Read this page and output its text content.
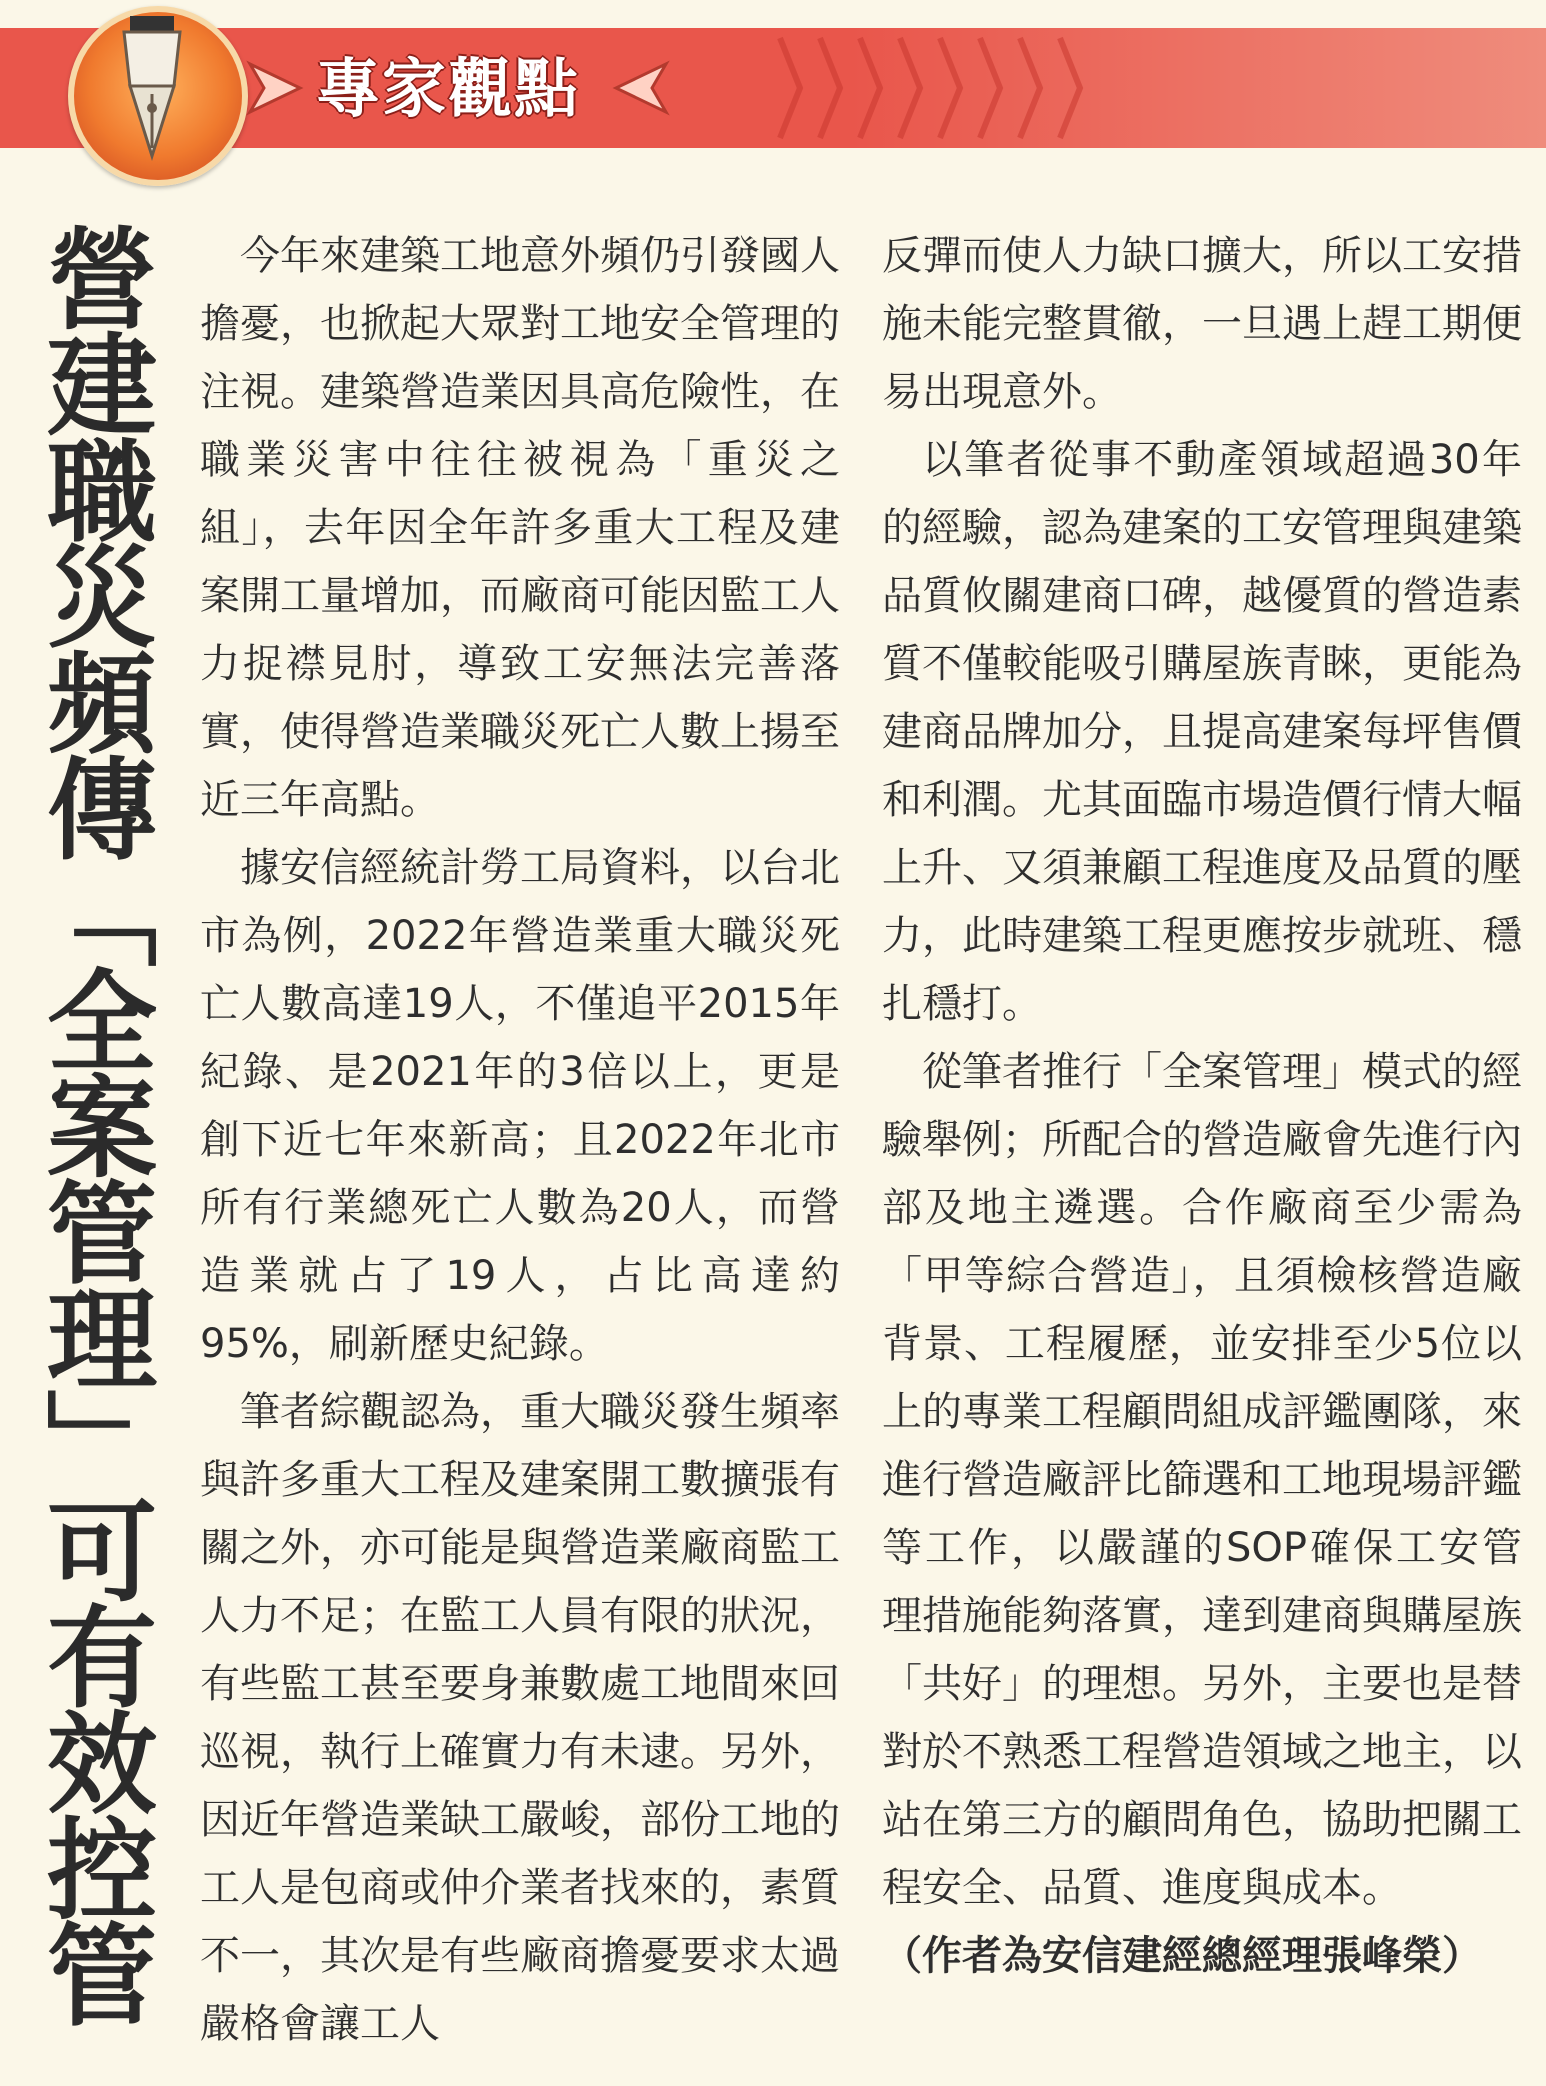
專家觀點
營建職災頻傳「全案管理」可有效控管	今年來建築工地意外頻仍引發國人擔憂，也掀起大眾對工地安全管理的注視。建築營造業因具高危險性，在職業災害中往往被視為「重災之組」，去年因全年許多重大工程及建案開工量增加，而廠商可能因監工人力捉襟見肘，導致工安無法完善落實，使得營造業職災死亡人數上揚至近三年高點。

據安信經統計勞工局資料，以台北市為例，2022年營造業重大職災死亡人數高達19人，不僅追平2015年紀錄、是2021年的3倍以上，更是創下近七年來新高；且2022年北市所有行業總死亡人數為20人，而營造業就占了19人，占比高達約95%，刷新歷史紀錄。

筆者綜觀認為，重大職災發生頻率與許多重大工程及建案開工數擴張有關之外，亦可能是與營造業廠商監工人力不足；在監工人員有限的狀況，有些監工甚至要身兼數處工地間來回巡視，執行上確實力有未逮。另外，因近年營造業缺工嚴峻，部份工地的工人是包商或仲介業者找來的，素質不一，其次是有些廠商擔憂要求太過嚴格會讓工人

反彈而使人力缺口擴大，所以工安措施未能完整貫徹，一旦遇上趕工期便易出現意外。

以筆者從事不動產領域超過30年的經驗，認為建案的工安管理與建築品質攸關建商口碑，越優質的營造素質不僅較能吸引購屋族青睞，更能為建商品牌加分，且提高建案每坪售價和利潤。尤其面臨市場造價行情大幅上升、又須兼顧工程進度及品質的壓力，此時建築工程更應按步就班、穩扎穩打。

從筆者推行「全案管理」模式的經驗舉例；所配合的營造廠會先進行內部及地主遴選。合作廠商至少需為「甲等綜合營造」，且須檢核營造廠背景、工程履歷，並安排至少5位以上的專業工程顧問組成評鑑團隊，來進行營造廠評比篩選和工地現場評鑑等工作，以嚴謹的SOP確保工安管理措施能夠落實，達到建商與購屋族「共好」的理想。另外，主要也是替對於不熟悉工程營造領域之地主，以站在第三方的顧問角色，協助把關工程安全、品質、進度與成本。

（作者為安信建經總經理張峰榮）
